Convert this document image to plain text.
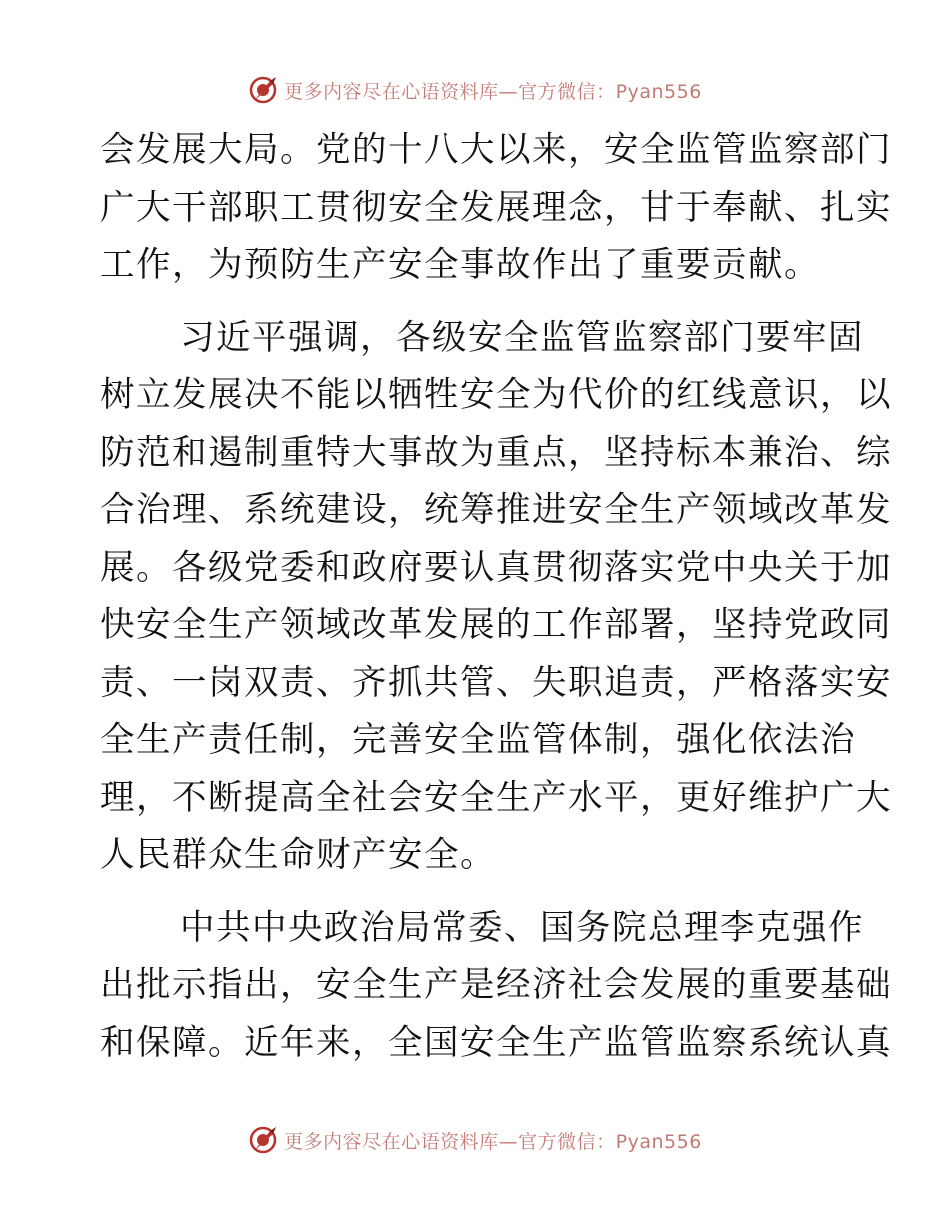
更多内容尽在心语资料库—官方微信：Pyan556
会发展大局。党的十八大以来，安全监管监察部门
广大干部职工贯彻安全发展理念，甘于奉献、扎实
工作，为预防生产安全事故作出了重要贡献。
习近平强调，各级安全监管监察部门要牢固
树立发展决不能以牺牲安全为代价的红线意识，以
防范和遏制重特大事故为重点，坚持标本兼治、综
合治理、系统建设，统筹推进安全生产领域改革发
展。各级党委和政府要认真贯彻落实党中央关于加
快安全生产领域改革发展的工作部署，坚持党政同
责、一岗双责、齐抓共管、失职追责，严格落实安
全生产责任制，完善安全监管体制，强化依法治
理，不断提高全社会安全生产水平，更好维护广大
人民群众生命财产安全。
中共中央政治局常委、国务院总理李克强作
出批示指出，安全生产是经济社会发展的重要基础
和保障。近年来，全国安全生产监管监察系统认真
更多内容尽在心语资料库—官方微信：Pyan556
